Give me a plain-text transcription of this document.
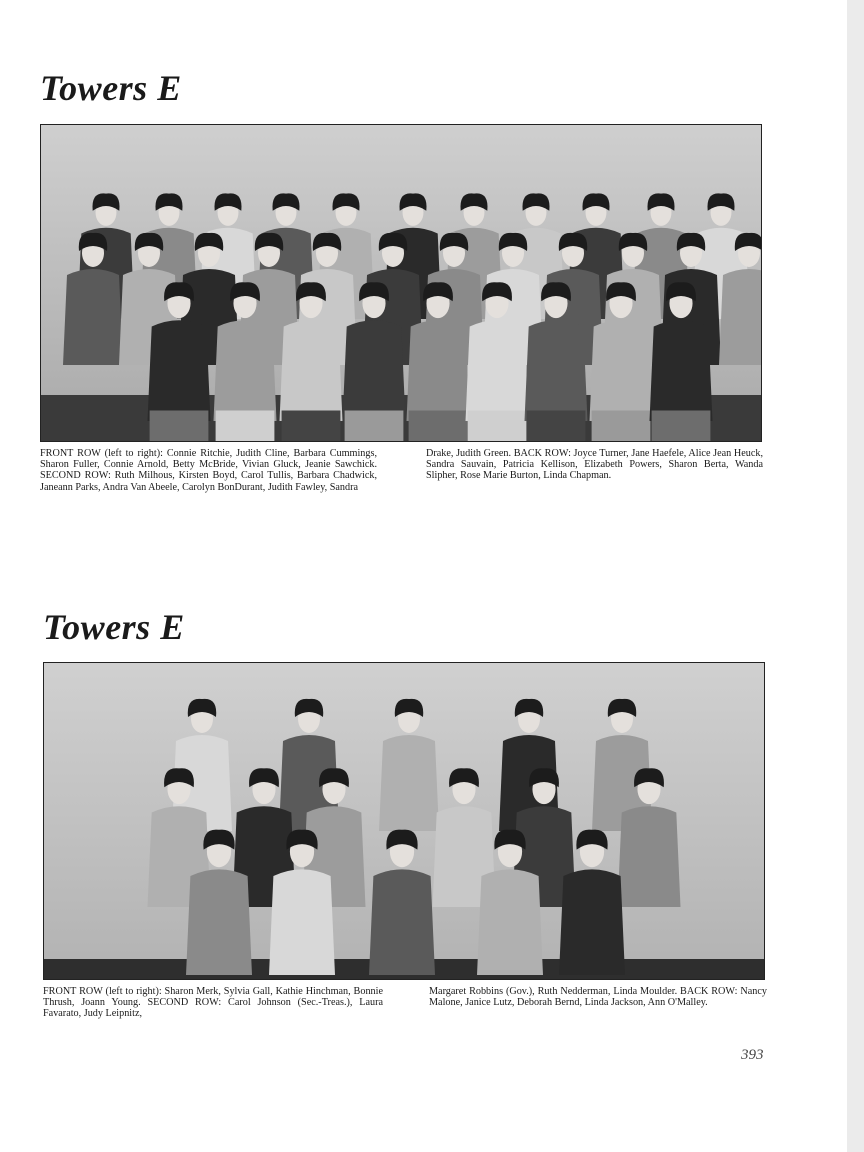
Towers E

FRONT ROW (left to right): Connie Ritchie, Judith Cline, Barbara Cummings, Sharon Fuller, Connie Arnold, Betty McBride, Vivian Gluck, Jeanie Sawchick. SECOND ROW: Ruth Milhous, Kirsten Boyd, Carol Tullis, Barbara Chadwick, Janeann Parks, Andra Van Abeele, Carolyn BonDurant, Judith Fawley, Sandra

Drake, Judith Green. BACK ROW: Joyce Turner, Jane Haefele, Alice Jean Heuck, Sandra Sauvain, Patricia Kellison, Elizabeth Powers, Sharon Berta, Wanda Slipher, Rose Marie Burton, Linda Chapman.

Towers E

FRONT ROW (left to right): Sharon Merk, Sylvia Gall, Kathie Hinchman, Bonnie Thrush, Joann Young. SECOND ROW: Carol Johnson (Sec.-Treas.), Laura Favarato, Judy Leipnitz,

Margaret Robbins (Gov.), Ruth Nedderman, Linda Moulder. BACK ROW: Nancy Malone, Janice Lutz, Deborah Bernd, Linda Jackson, Ann O'Malley.

393
